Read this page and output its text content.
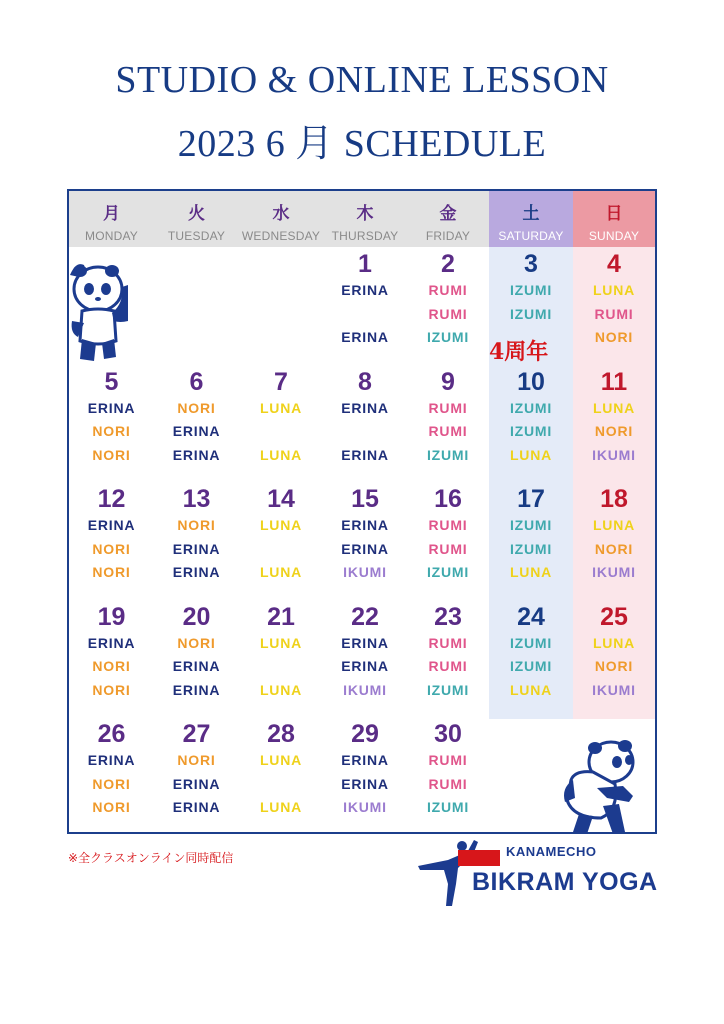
STUDIO & ONLINE LESSON
2023 6 月 SCHEDULE
4周年
月
MONDAY
火
TUESDAY
水
WEDNESDAY
木
THURSDAY
金
FRIDAY
土
SATURDAY
日
SUNDAY
1
ERINA
ERINA
2
RUMI
RUMI
IZUMI
3
IZUMI
IZUMI
4
LUNA
RUMI
NORI
5
ERINA
NORI
NORI
6
NORI
ERINA
ERINA
7
LUNA
LUNA
8
ERINA
ERINA
9
RUMI
RUMI
IZUMI
10
IZUMI
IZUMI
LUNA
11
LUNA
NORI
IKUMI
12
ERINA
NORI
NORI
13
NORI
ERINA
ERINA
14
LUNA
LUNA
15
ERINA
ERINA
IKUMI
16
RUMI
RUMI
IZUMI
17
IZUMI
IZUMI
LUNA
18
LUNA
NORI
IKUMI
19
ERINA
NORI
NORI
20
NORI
ERINA
ERINA
21
LUNA
LUNA
22
ERINA
ERINA
IKUMI
23
RUMI
RUMI
IZUMI
24
IZUMI
IZUMI
LUNA
25
LUNA
NORI
IKUMI
26
ERINA
NORI
NORI
27
NORI
ERINA
ERINA
28
LUNA
LUNA
29
ERINA
ERINA
IKUMI
30
RUMI
RUMI
IZUMI
※全クラスオンライン同時配信	KANAMECHO
BIKRAM YOGA
